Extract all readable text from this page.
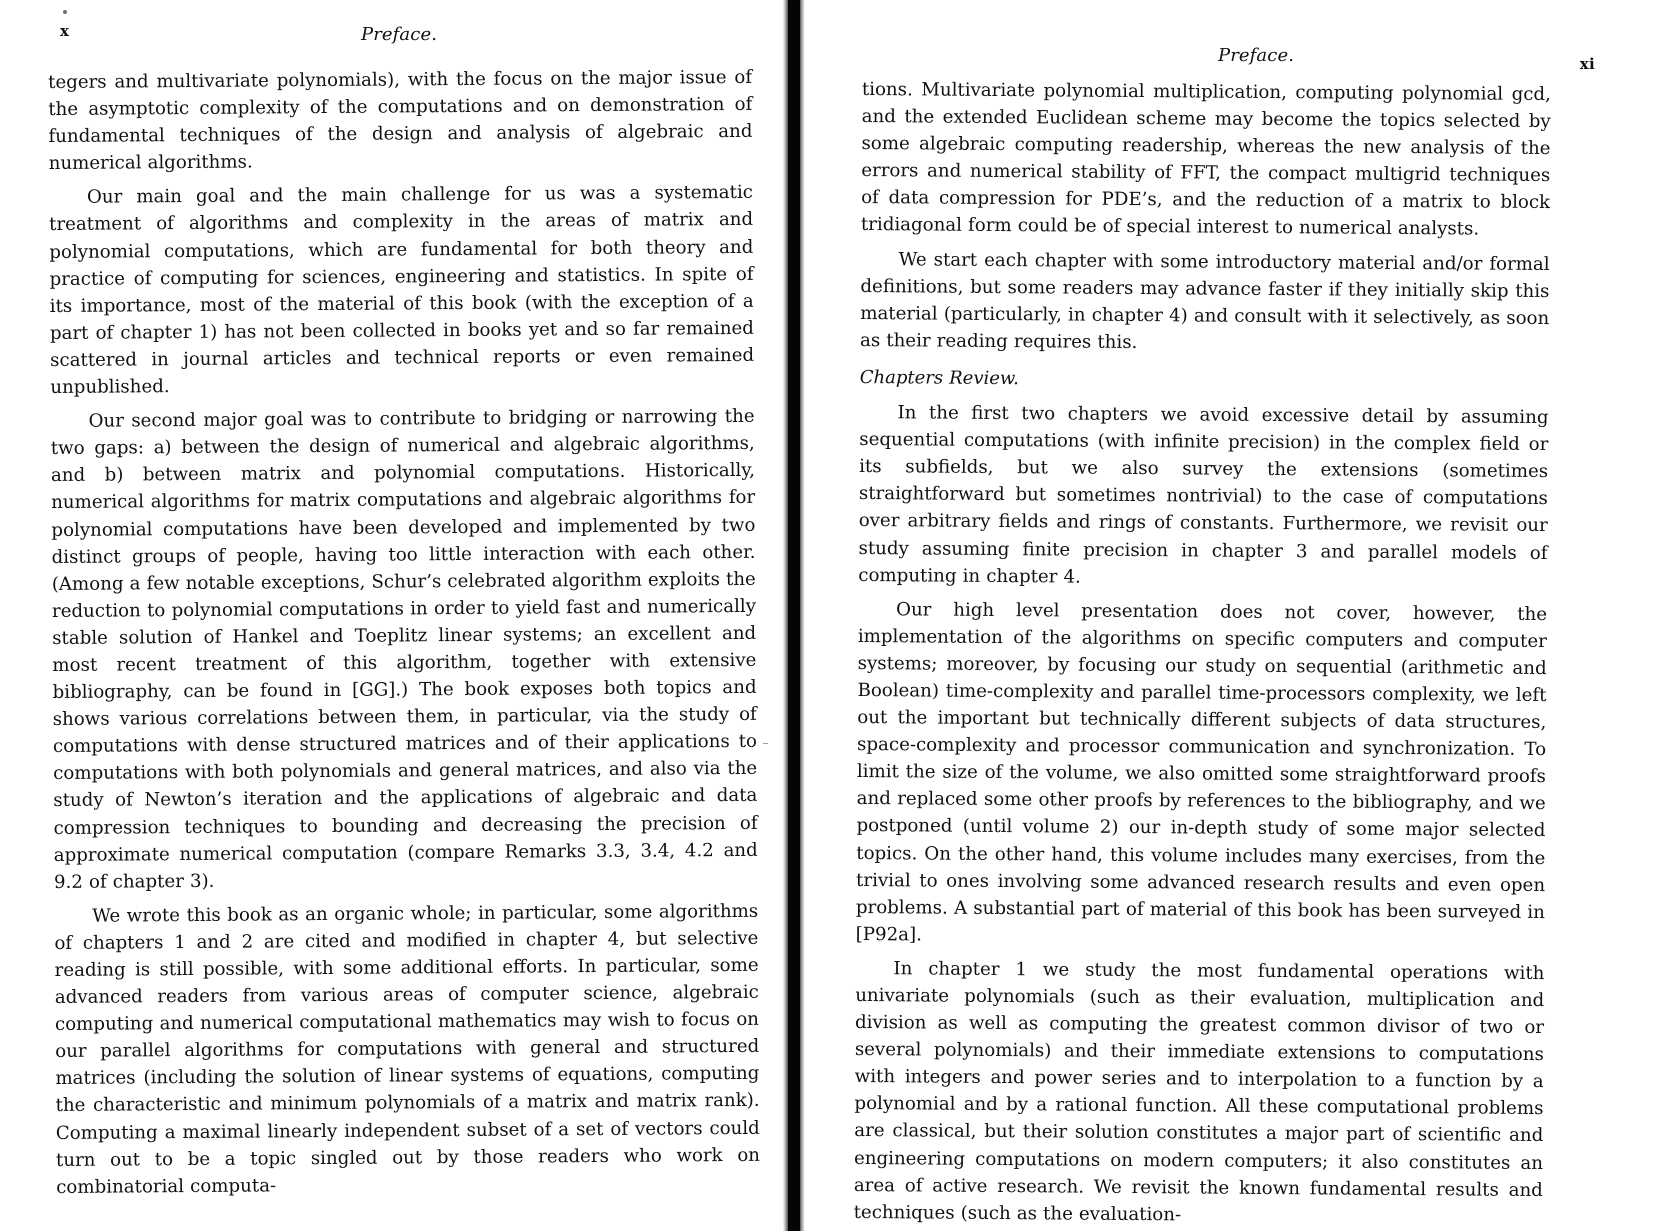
x	Preface.

tegers and multivariate polynomials), with the focus on the major issue of the asymptotic complexity of the computations and on demonstration of fundamental techniques of the design and analysis of algebraic and numerical algorithms.

Our main goal and the main challenge for us was a systematic treatment of algorithms and complexity in the areas of matrix and polynomial computations, which are fundamental for both theory and practice of computing for sciences, engineering and statistics. In spite of its importance, most of the material of this book (with the exception of a part of chapter 1) has not been collected in books yet and so far remained scattered in journal articles and technical reports or even remained unpublished.

Our second major goal was to contribute to bridging or narrowing the two gaps: a) between the design of numerical and algebraic algorithms, and b) between matrix and polynomial computations. Historically, numerical algorithms for matrix computations and algebraic algorithms for polynomial computations have been developed and implemented by two distinct groups of people, having too little interaction with each other. (Among a few notable exceptions, Schur’s celebrated algorithm exploits the reduction to polynomial computations in order to yield fast and numerically stable solution of Hankel and Toeplitz linear systems; an excellent and most recent treatment of this algorithm, together with extensive bibliography, can be found in [GG].) The book exposes both topics and shows various correlations between them, in particular, via the study of computations with dense structured matrices and of their applications to computations with both polynomials and general matrices, and also via the study of Newton’s iteration and the applications of algebraic and data compression techniques to bounding and decreasing the precision of approximate numerical computation (compare Remarks 3.3, 3.4, 4.2 and 9.2 of chapter 3).

We wrote this book as an organic whole; in particular, some algorithms of chapters 1 and 2 are cited and modified in chapter 4, but selective reading is still possible, with some additional efforts. In particular, some advanced readers from various areas of computer science, algebraic computing and numerical computational mathematics may wish to focus on our parallel algorithms for computations with general and structured matrices (including the solution of linear systems of equations, computing the characteristic and minimum polynomials of a matrix and matrix rank). Computing a maximal linearly independent subset of a set of vectors could turn out to be a topic singled out by those readers who work on combinatorial computa-

Preface.	xi

tions. Multivariate polynomial multiplication, computing polynomial gcd, and the extended Euclidean scheme may become the topics selected by some algebraic computing readership, whereas the new analysis of the errors and numerical stability of FFT, the compact multigrid techniques of data compression for PDE’s, and the reduction of a matrix to block tridiagonal form could be of special interest to numerical analysts.

We start each chapter with some introductory material and/or formal definitions, but some readers may advance faster if they initially skip this material (particularly, in chapter 4) and consult with it selectively, as soon as their reading requires this.

Chapters Review.

In the first two chapters we avoid excessive detail by assuming sequential computations (with infinite precision) in the complex field or its subfields, but we also survey the extensions (sometimes straightforward but sometimes nontrivial) to the case of computations over arbitrary fields and rings of constants. Furthermore, we revisit our study assuming finite precision in chapter 3 and parallel models of computing in chapter 4.

Our high level presentation does not cover, however, the implementation of the algorithms on specific computers and computer systems; moreover, by focusing our study on sequential (arithmetic and Boolean) time-complexity and parallel time-processors complexity, we left out the important but technically different subjects of data structures, space-complexity and processor communication and synchronization. To limit the size of the volume, we also omitted some straightforward proofs and replaced some other proofs by references to the bibliography, and we postponed (until volume 2) our in-depth study of some major selected topics. On the other hand, this volume includes many exercises, from the trivial to ones involving some advanced research results and even open problems. A substantial part of material of this book has been surveyed in [P92a].

In chapter 1 we study the most fundamental operations with univariate polynomials (such as their evaluation, multiplication and division as well as computing the greatest common divisor of two or several polynomials) and their immediate extensions to computations with integers and power series and to interpolation to a function by a polynomial and by a rational function. All these computational problems are classical, but their solution constitutes a major part of scientific and engineering computations on modern computers; it also constitutes an area of active research. We revisit the known fundamental results and techniques (such as the evaluation-
